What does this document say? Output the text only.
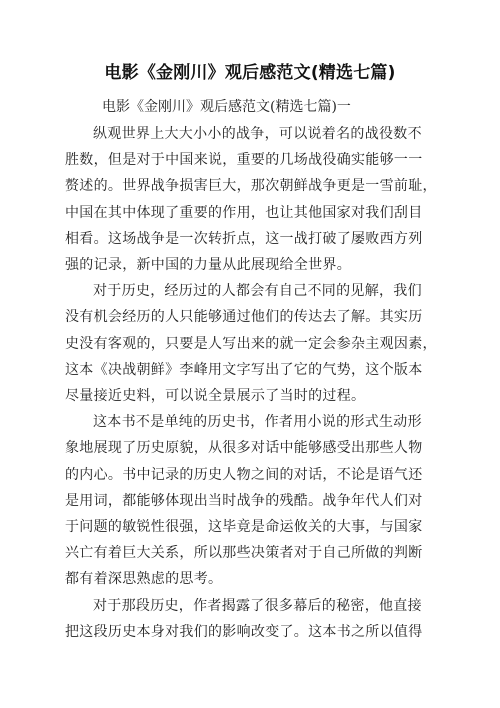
电影《金刚川》观后感范文(精选七篇)
电影《金刚川》观后感范文(精选七篇)一

纵观世界上大大小小的战争，可以说着名的战役数不
胜数，但是对于中国来说，重要的几场战役确实能够一一
赘述的。世界战争损害巨大，那次朝鲜战争更是一雪前耻，
中国在其中体现了重要的作用，也让其他国家对我们刮目
相看。这场战争是一次转折点，这一战打破了屡败西方列
强的记录，新中国的力量从此展现给全世界。

对于历史，经历过的人都会有自己不同的见解，我们
没有机会经历的人只能够通过他们的传达去了解。其实历
史没有客观的，只要是人写出来的就一定会参杂主观因素，
这本《决战朝鲜》李峰用文字写出了它的气势，这个版本
尽量接近史料，可以说全景展示了当时的过程。

这本书不是单纯的历史书，作者用小说的形式生动形
象地展现了历史原貌，从很多对话中能够感受出那些人物
的内心。书中记录的历史人物之间的对话，不论是语气还
是用词，都能够体现出当时战争的残酷。战争年代人们对
于问题的敏锐性很强，这毕竟是命运攸关的大事，与国家
兴亡有着巨大关系，所以那些决策者对于自己所做的判断
都有着深思熟虑的思考。

对于那段历史，作者揭露了很多幕后的秘密，他直接
把这段历史本身对我们的影响改变了。这本书之所以值得
